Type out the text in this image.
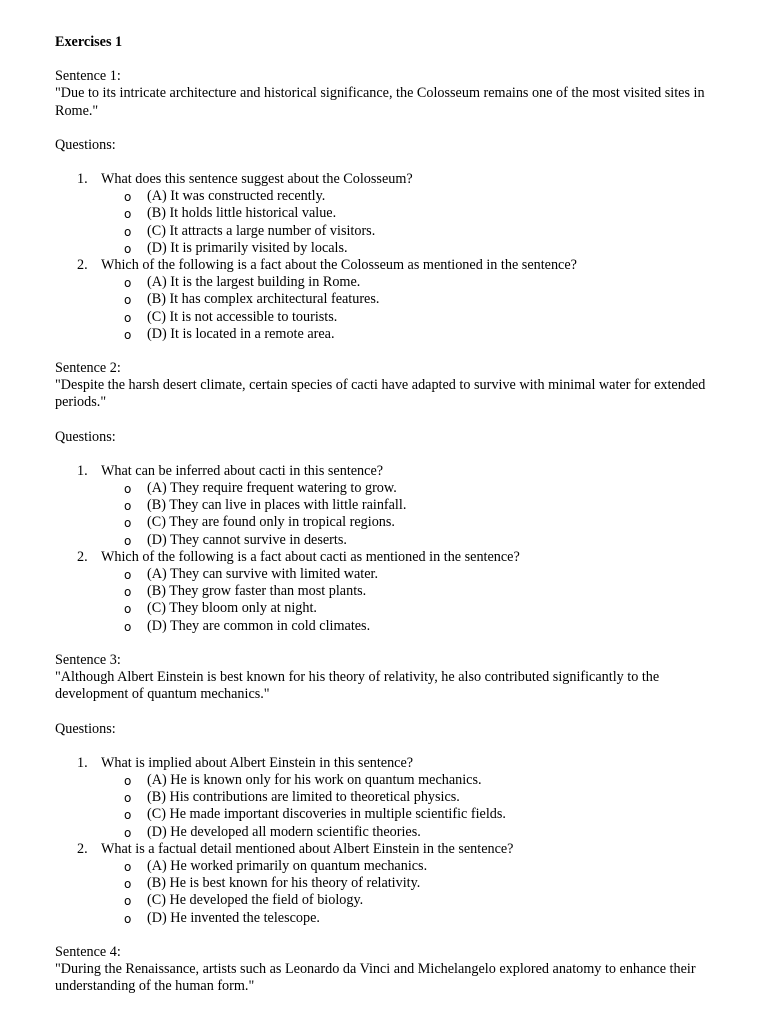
Exercises 1
Sentence 1:
"Due to its intricate architecture and historical significance, the Colosseum remains one of the most visited sites in Rome."
Questions:
1. What does this sentence suggest about the Colosseum?
o (A) It was constructed recently.
o (B) It holds little historical value.
o (C) It attracts a large number of visitors.
o (D) It is primarily visited by locals.
2. Which of the following is a fact about the Colosseum as mentioned in the sentence?
o (A) It is the largest building in Rome.
o (B) It has complex architectural features.
o (C) It is not accessible to tourists.
o (D) It is located in a remote area.
Sentence 2:
"Despite the harsh desert climate, certain species of cacti have adapted to survive with minimal water for extended periods."
Questions:
1. What can be inferred about cacti in this sentence?
o (A) They require frequent watering to grow.
o (B) They can live in places with little rainfall.
o (C) They are found only in tropical regions.
o (D) They cannot survive in deserts.
2. Which of the following is a fact about cacti as mentioned in the sentence?
o (A) They can survive with limited water.
o (B) They grow faster than most plants.
o (C) They bloom only at night.
o (D) They are common in cold climates.
Sentence 3:
"Although Albert Einstein is best known for his theory of relativity, he also contributed significantly to the development of quantum mechanics."
Questions:
1. What is implied about Albert Einstein in this sentence?
o (A) He is known only for his work on quantum mechanics.
o (B) His contributions are limited to theoretical physics.
o (C) He made important discoveries in multiple scientific fields.
o (D) He developed all modern scientific theories.
2. What is a factual detail mentioned about Albert Einstein in the sentence?
o (A) He worked primarily on quantum mechanics.
o (B) He is best known for his theory of relativity.
o (C) He developed the field of biology.
o (D) He invented the telescope.
Sentence 4:
"During the Renaissance, artists such as Leonardo da Vinci and Michelangelo explored anatomy to enhance their understanding of the human form."
